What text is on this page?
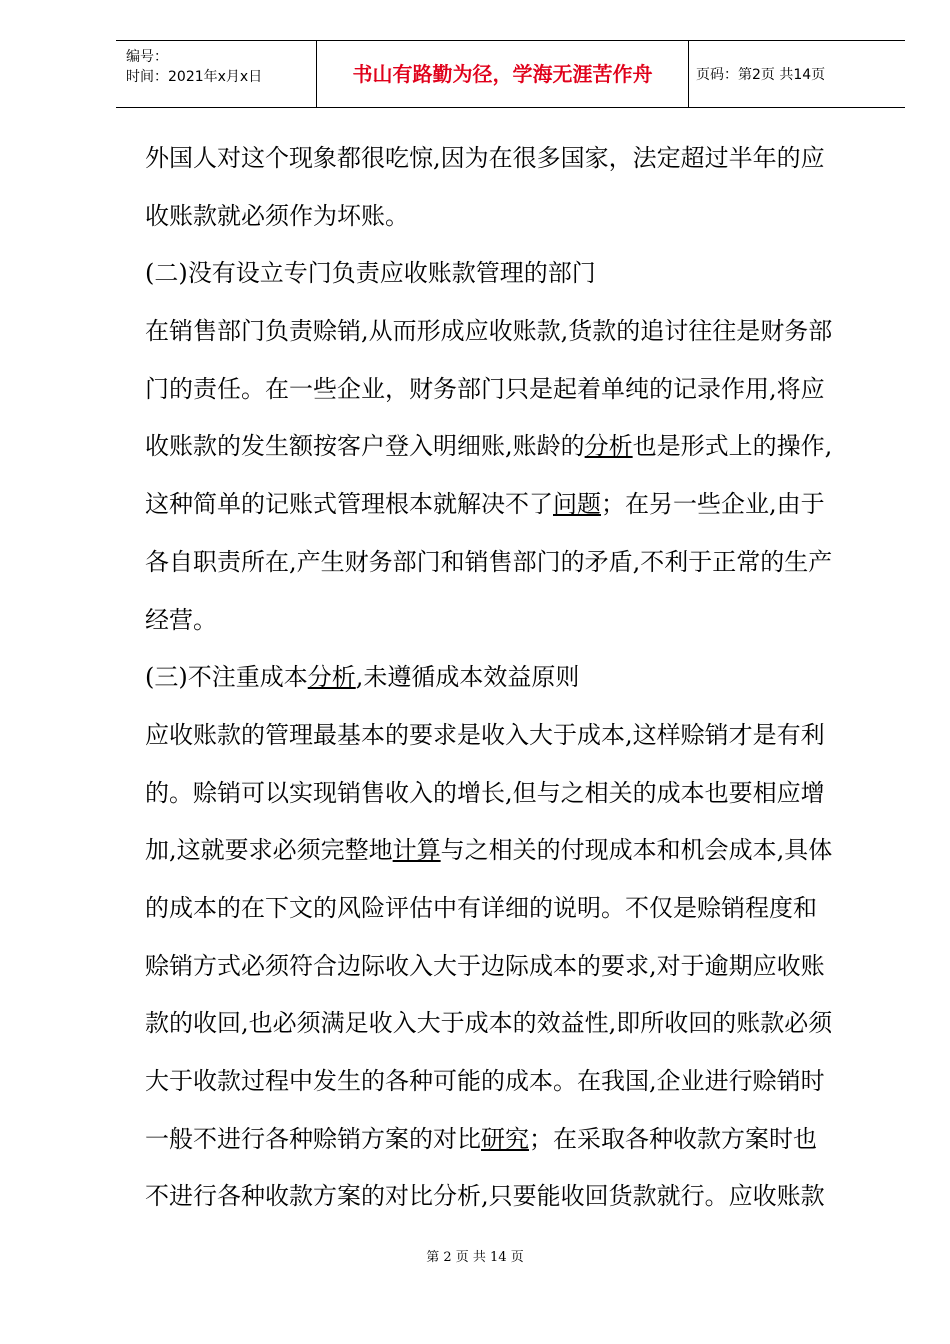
编号：
时间：2021年x月x日	书山有路勤为径，学海无涯苦作舟	页码：第2页 共14页
外国人对这个现象都很吃惊,因为在很多国家，法定超过半年的应
收账款就必须作为坏账。
(二)没有设立专门负责应收账款管理的部门
在销售部门负责赊销,从而形成应收账款,货款的追讨往往是财务部
门的责任。在一些企业，财务部门只是起着单纯的记录作用,将应
收账款的发生额按客户登入明细账,账龄的分析也是形式上的操作,
这种简单的记账式管理根本就解决不了问题；在另一些企业,由于
各自职责所在,产生财务部门和销售部门的矛盾,不利于正常的生产
经营。
(三)不注重成本分析,未遵循成本效益原则
应收账款的管理最基本的要求是收入大于成本,这样赊销才是有利
的。赊销可以实现销售收入的增长,但与之相关的成本也要相应增
加,这就要求必须完整地计算与之相关的付现成本和机会成本,具体
的成本的在下文的风险评估中有详细的说明。不仅是赊销程度和
赊销方式必须符合边际收入大于边际成本的要求,对于逾期应收账
款的收回,也必须满足收入大于成本的效益性,即所收回的账款必须
大于收款过程中发生的各种可能的成本。在我国,企业进行赊销时
一般不进行各种赊销方案的对比研究；在采取各种收款方案时也
不进行各种收款方案的对比分析,只要能收回货款就行。应收账款
第 2 页 共 14 页
